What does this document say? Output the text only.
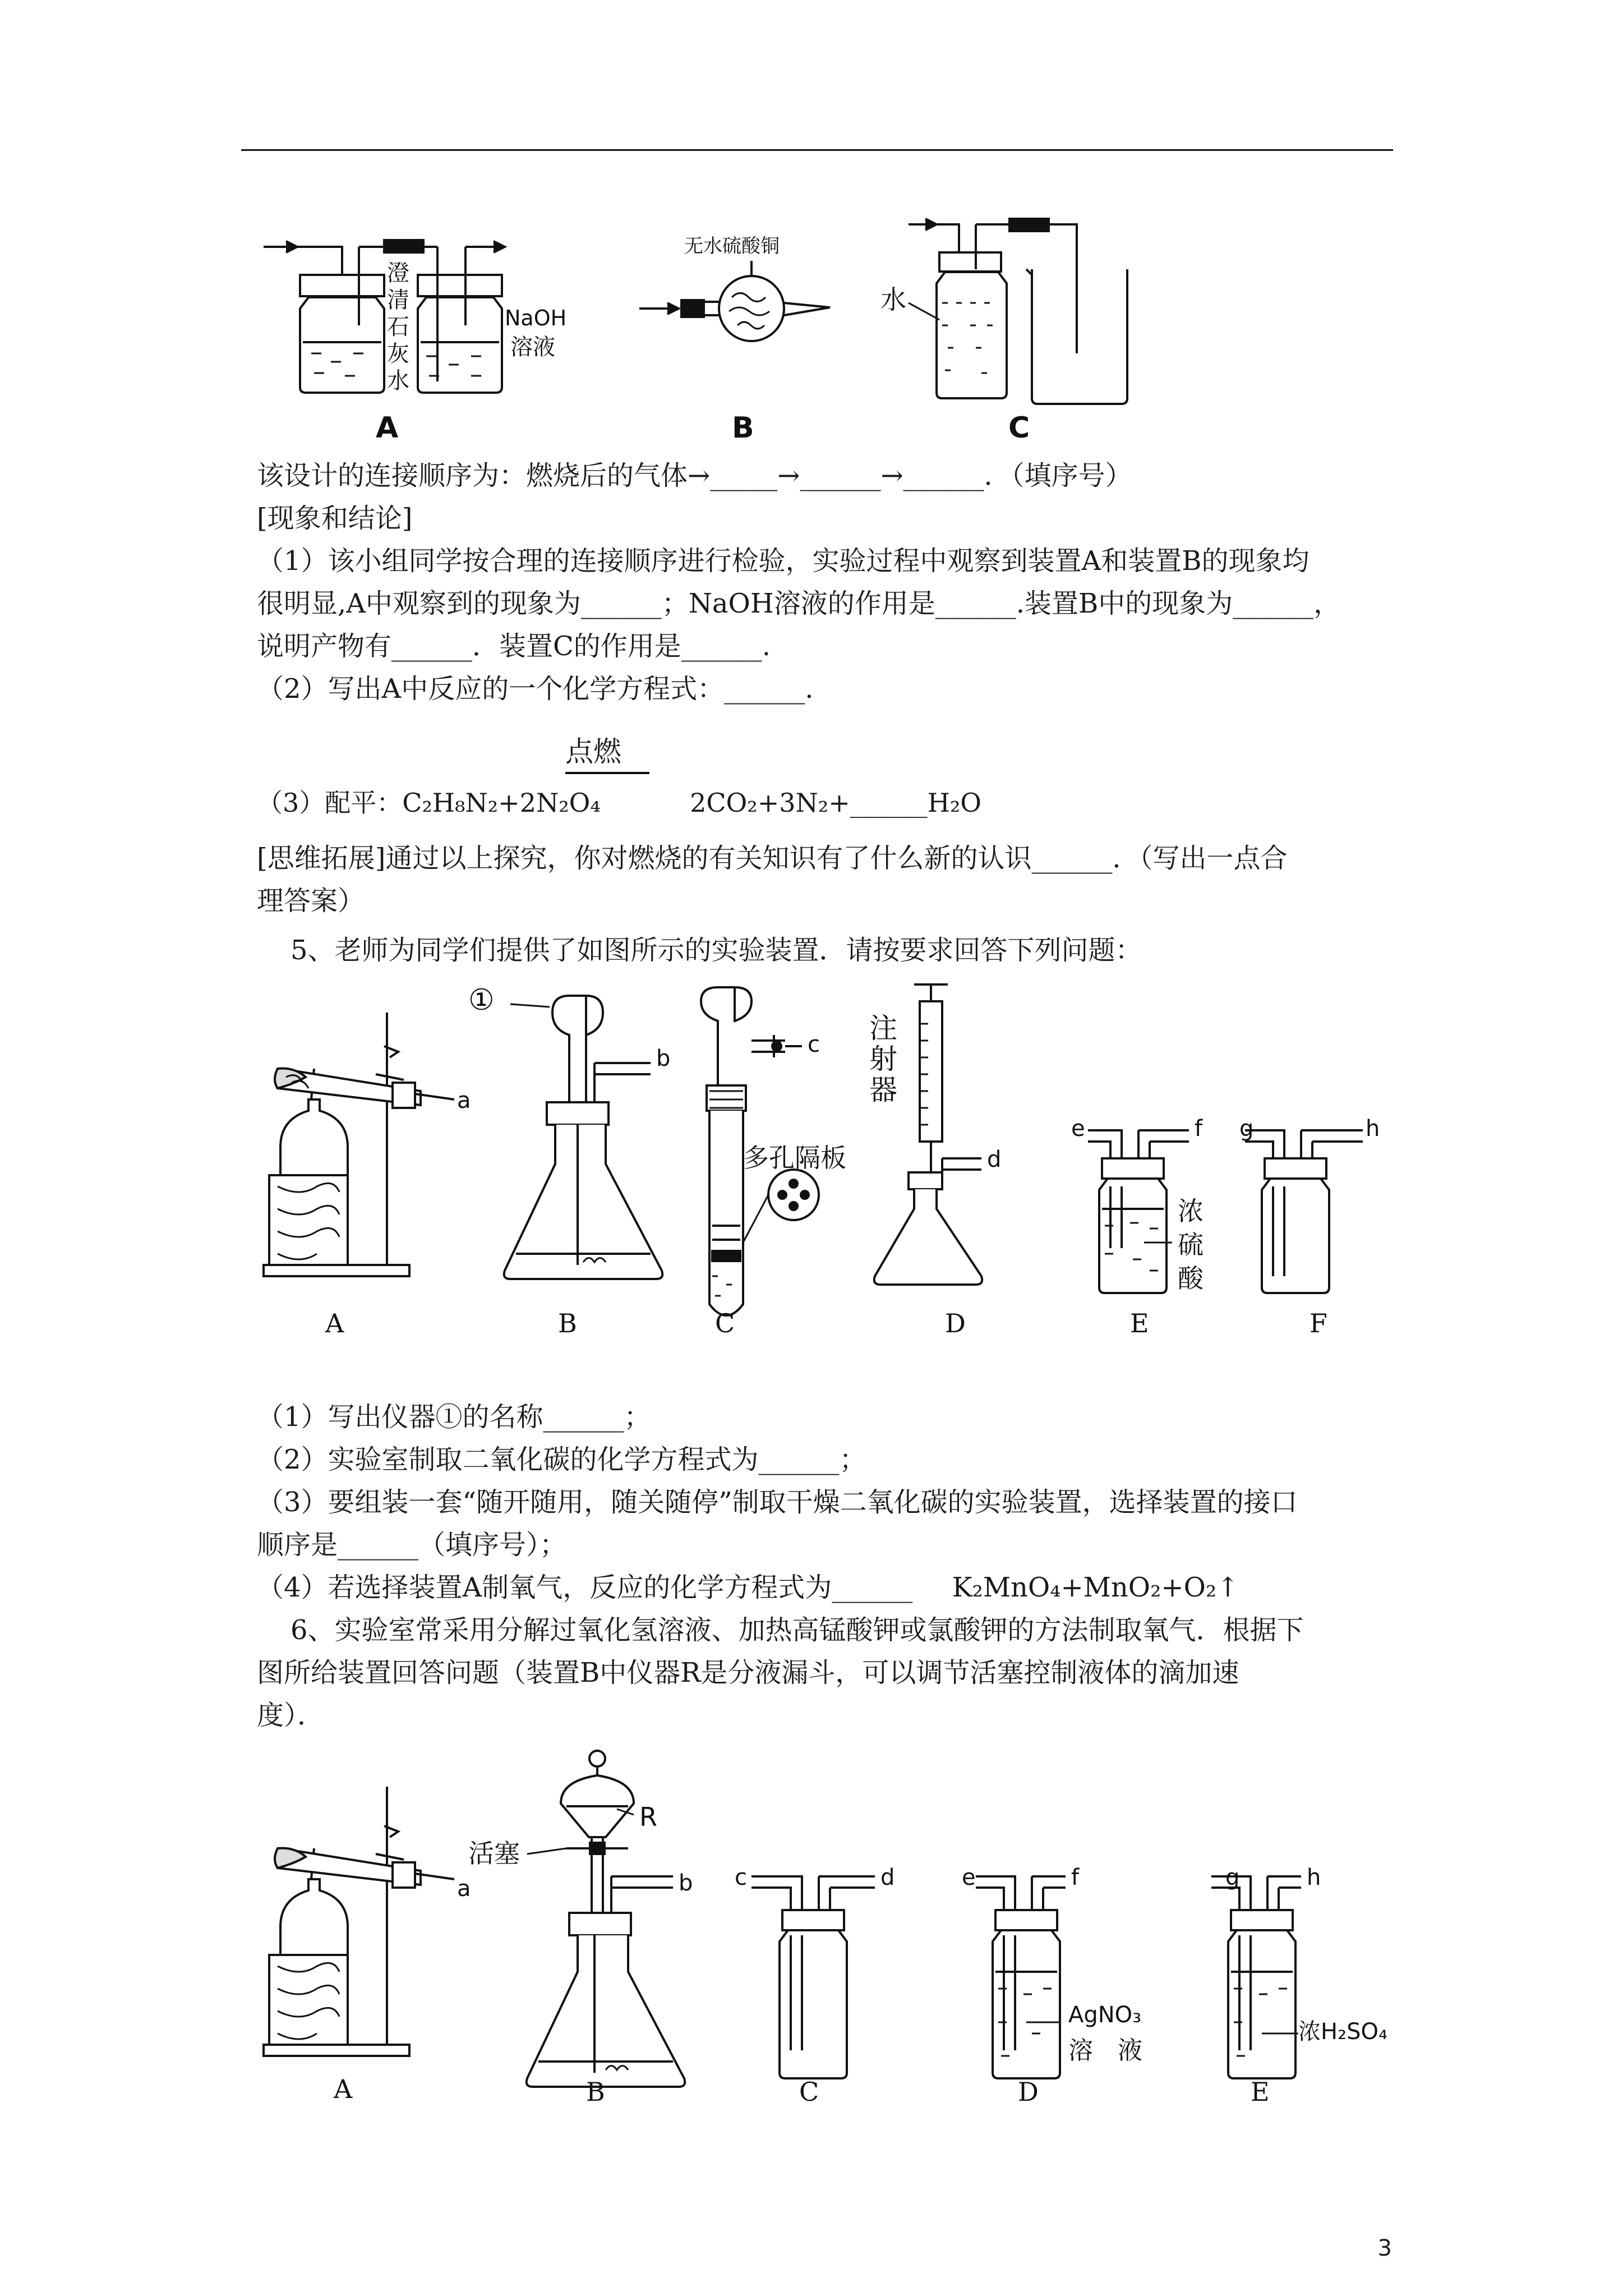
澄
清
石
灰
水
NaOH
溶液
A
无水硫酸铜
B
水
C

该设计的连接顺序为：燃烧后的气体→_____→______→______．（填序号）

[现象和结论]

（1）该小组同学按合理的连接顺序进行检验，实验过程中观察到装置A和装置B的现象均

很明显,A中观察到的现象为______；NaOH溶液的作用是______.装置B中的现象为______，

说明产物有______．装置C的作用是______.

（2）写出A中反应的一个化学方程式：______.

点燃
（3）配平：C₂H₈N₂+2N₂O₄	2CO₂+3N₂+______H₂O

[思维拓展]通过以上探究，你对燃烧的有关知识有了什么新的认识______．（写出一点合

理答案）

5、老师为同学们提供了如图所示的实验装置．请按要求回答下列问题：

a
A
①
b
B
c
多孔隔板
C
注
射
器
d
D
e	f
浓
硫
酸
E
g	h
F

（1）写出仪器①的名称______；

（2）实验室制取二氧化碳的化学方程式为______；

（3）要组装一套“随开随用，随关随停”制取干燥二氧化碳的实验装置，选择装置的接口

顺序是______（填序号）；

（4）若选择装置A制氧气，反应的化学方程式为______ K₂MnO₄+MnO₂+O₂↑

6、实验室常采用分解过氧化氢溶液、加热高锰酸钾或氯酸钾的方法制取氧气．根据下

图所给装置回答问题（装置B中仪器R是分液漏斗，可以调节活塞控制液体的滴加速

度）．

a
A
R
活塞
b
B
c	d
C
e	f
AgNO₃
溶　液
D
g	h
浓H₂SO₄
E
3
